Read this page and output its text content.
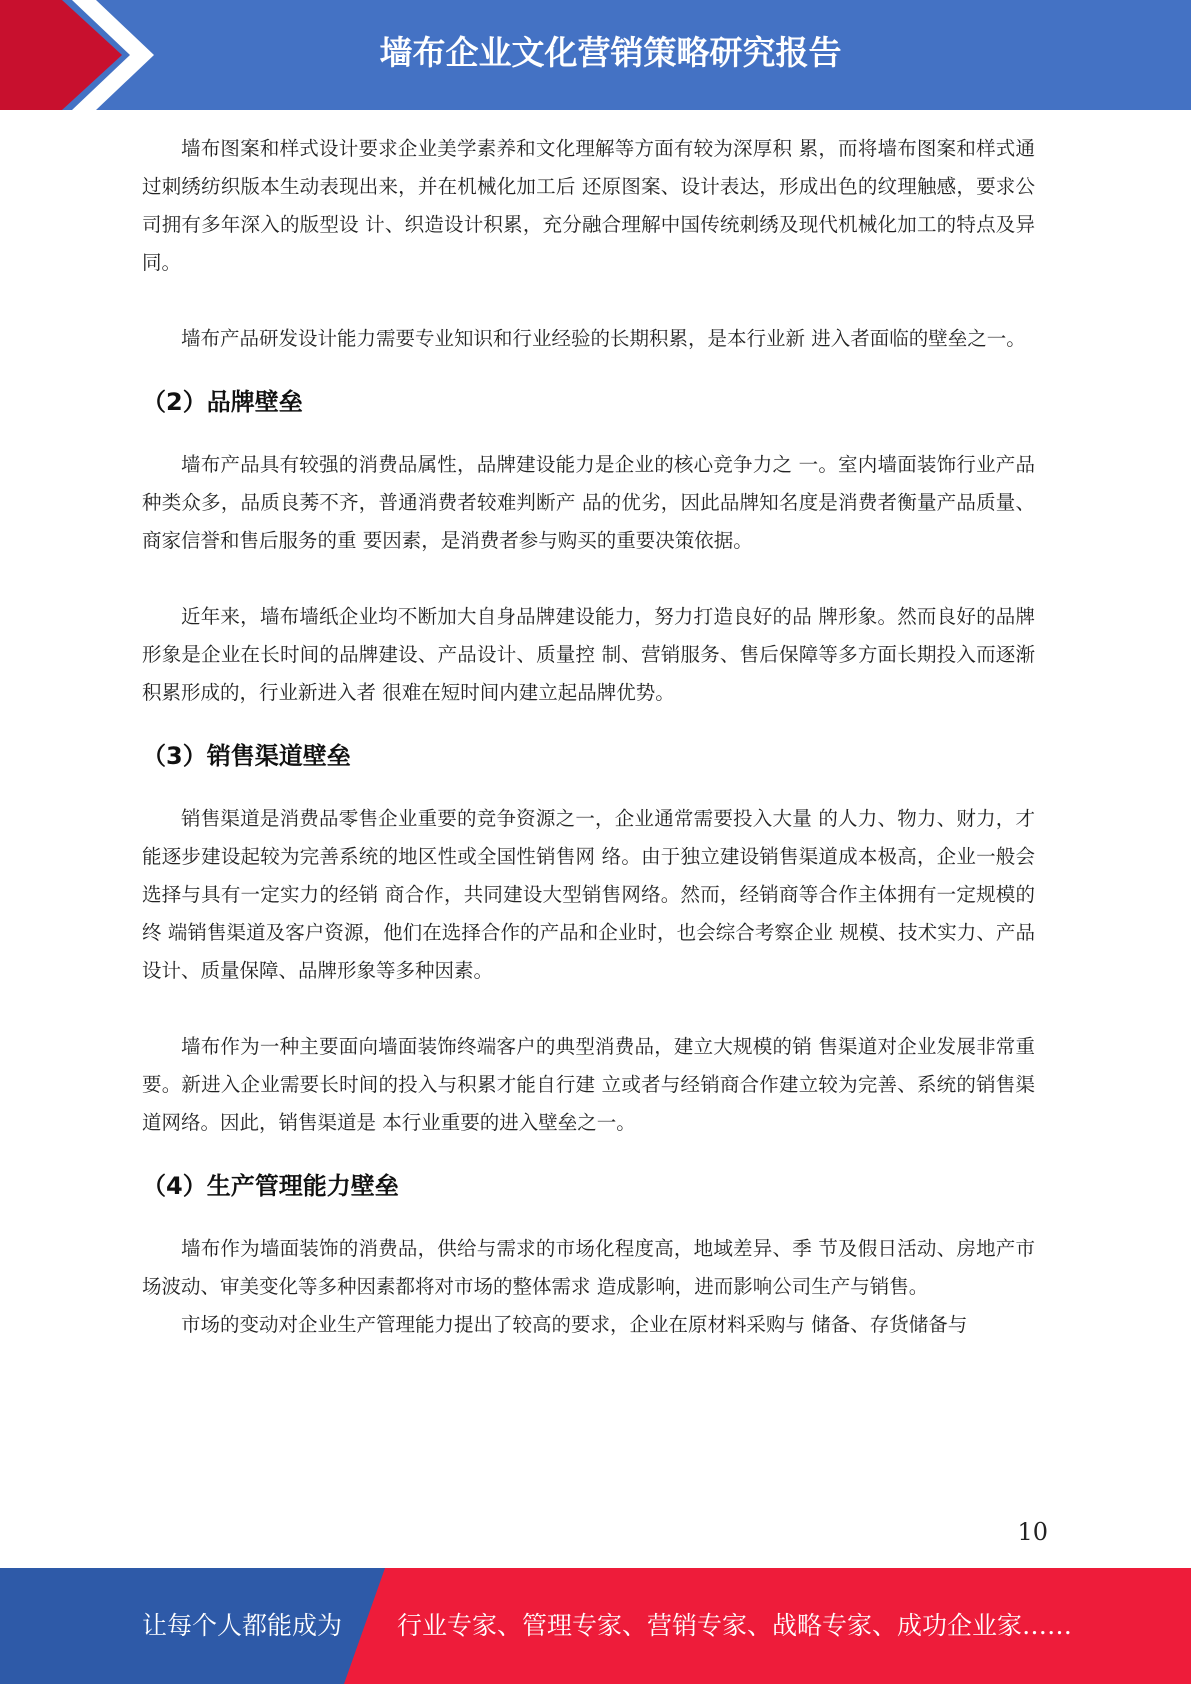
墙布企业文化营销策略研究报告

墙布图案和样式设计要求企业美学素养和文化理解等方面有较为深厚积 累，而将墙布图案和样式通过刺绣纺织版本生动表现出来，并在机械化加工后 还原图案、设计表达，形成出色的纹理触感，要求公司拥有多年深入的版型设 计、织造设计积累，充分融合理解中国传统刺绣及现代机械化加工的特点及异 同。

墙布产品研发设计能力需要专业知识和行业经验的长期积累，是本行业新 进入者面临的壁垒之一。

（2）品牌壁垒

墙布产品具有较强的消费品属性，品牌建设能力是企业的核心竞争力之 一。室内墙面装饰行业产品种类众多，品质良莠不齐，普通消费者较难判断产 品的优劣，因此品牌知名度是消费者衡量产品质量、商家信誉和售后服务的重 要因素，是消费者参与购买的重要决策依据。

近年来，墙布墙纸企业均不断加大自身品牌建设能力，努力打造良好的品 牌形象。然而良好的品牌形象是企业在长时间的品牌建设、产品设计、质量控 制、营销服务、售后保障等多方面长期投入而逐渐积累形成的，行业新进入者 很难在短时间内建立起品牌优势。

（3）销售渠道壁垒

销售渠道是消费品零售企业重要的竞争资源之一，企业通常需要投入大量 的人力、物力、财力，才能逐步建设起较为完善系统的地区性或全国性销售网 络。由于独立建设销售渠道成本极高，企业一般会选择与具有一定实力的经销 商合作，共同建设大型销售网络。然而，经销商等合作主体拥有一定规模的终 端销售渠道及客户资源，他们在选择合作的产品和企业时，也会综合考察企业 规模、技术实力、产品设计、质量保障、品牌形象等多种因素。

墙布作为一种主要面向墙面装饰终端客户的典型消费品，建立大规模的销 售渠道对企业发展非常重要。新进入企业需要长时间的投入与积累才能自行建 立或者与经销商合作建立较为完善、系统的销售渠道网络。因此，销售渠道是 本行业重要的进入壁垒之一。

（4）生产管理能力壁垒

墙布作为墙面装饰的消费品，供给与需求的市场化程度高，地域差异、季 节及假日活动、房地产市场波动、审美变化等多种因素都将对市场的整体需求 造成影响，进而影响公司生产与销售。

市场的变动对企业生产管理能力提出了较高的要求，企业在原材料采购与 储备、存货储备与

10
让每个人都能成为 行业专家、管理专家、营销专家、战略专家、成功企业家……
